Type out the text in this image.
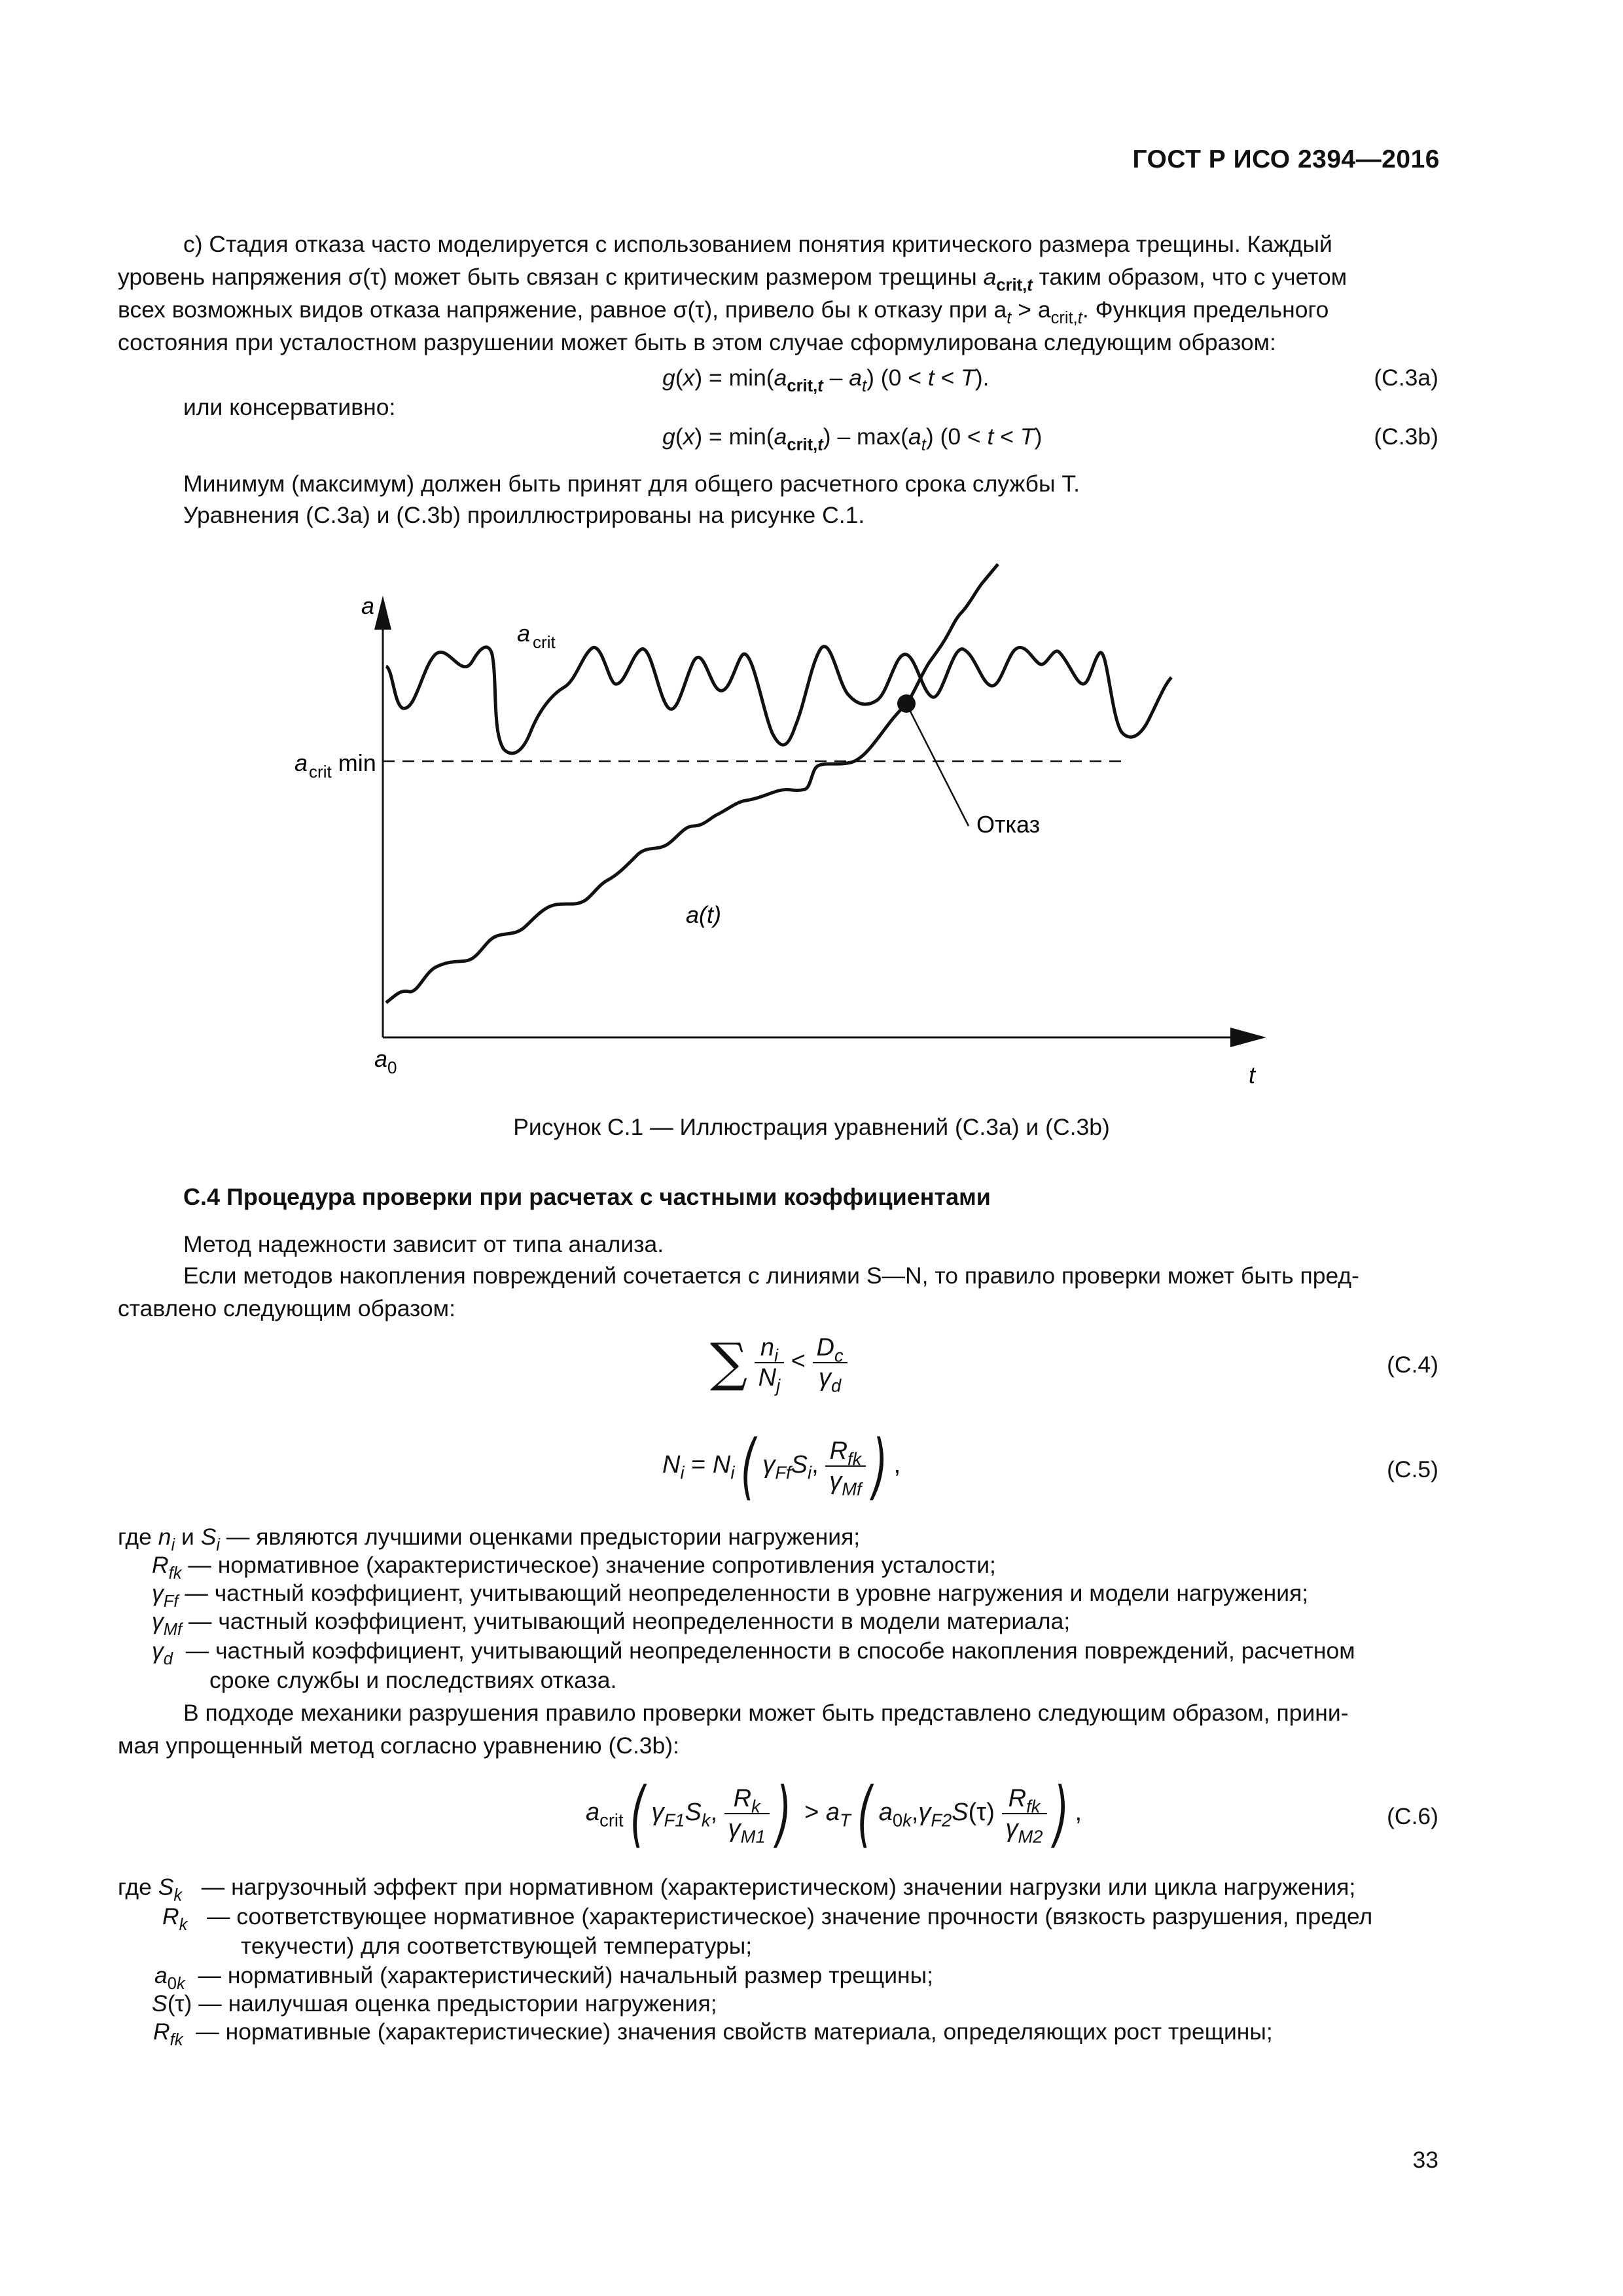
ГОСТ Р ИСО 2394—2016

с) Стадия отказа часто моделируется с использованием понятия критического размера трещины. Каждый

уровень напряжения σ(τ) может быть связан с критическим размером трещины $a_{crit,t}$ таким образом, что с учетом

всех возможных видов отказа напряжение, равное σ(τ), привело бы к отказу при $a_t > a_{crit,t}$. Функция предельного

состояния при усталостном разрушении может быть в этом случае сформулирована следующим образом:

$g(x) = \min(a_{crit,t} - a_t) (0 < t < T)$.	(C.3a)
или консервативно:
$g(x) = \min(a_{crit,t}) - \max(a_t) (0 < t < T)$	(C.3b)
Минимум (максимум) должен быть принят для общего расчетного срока службы T.
Уравнения (C.3a) и (C.3b) проиллюстрированы на рисунке С.1.
a
t
$a_0$
a $_{crit}$
$a_{crit}$ min
a(t)
Отказ
Рисунок С.1 — Иллюстрация уравнений (C.3a) и (C.3b)
С.4 Процедура проверки при расчетах с частными коэффициентами
Метод надежности зависит от типа анализа.

Если методов накопления повреждений сочетается с линиями S—N, то правило проверки может быть пред-

ставлено следующим образом:

∑ $\frac{n_i}{N_j} < \frac{D_c}{\gamma_d}$	(C.4)
$N_i = N_i$( $\gamma_{Ff}S_i$, $\frac{R_{fk}}{\gamma_{Mf}}$ ) ,	(C.5)
где $n_i$ и $S_i$ — являются лучшими оценками предыстории нагружения;
$R_{fk}$ — нормативное (характеристическое) значение сопротивления усталости;
$\gamma_{Ff}$ — частный коэффициент, учитывающий неопределенности в уровне нагружения и модели нагружения;
$\gamma_{Mf}$ — частный коэффициент, учитывающий неопределенности в модели материала;
$\gamma_d$ — частный коэффициент, учитывающий неопределенности в способе накопления повреждений, расчетном
сроке службы и последствиях отказа.

В подходе механики разрушения правило проверки может быть представлено следующим образом, прини-

мая упрощенный метод согласно уравнению (C.3b):

$a_{crit}$( $\gamma_{F1}S_k$, $\frac{R_k}{\gamma_{M1}}$ ) > $a_T$( $a_{0k},\gamma_{F2}S(\tau) \frac{R_{fk}}{\gamma_{M2}}$ ) ,	(C.6)
где $S_k$ — нагрузочный эффект при нормативном (характеристическом) значении нагрузки или цикла нагружения;
$R_k$ — соответствующее нормативное (характеристическое) значение прочности (вязкость разрушения, предел
текучести) для соответствующей температуры;
$a_{0k}$ — нормативный (характеристический) начальный размер трещины;
S(τ) — наилучшая оценка предыстории нагружения;
$R_{fk}$ — нормативные (характеристические) значения свойств материала, определяющих рост трещины;
33
